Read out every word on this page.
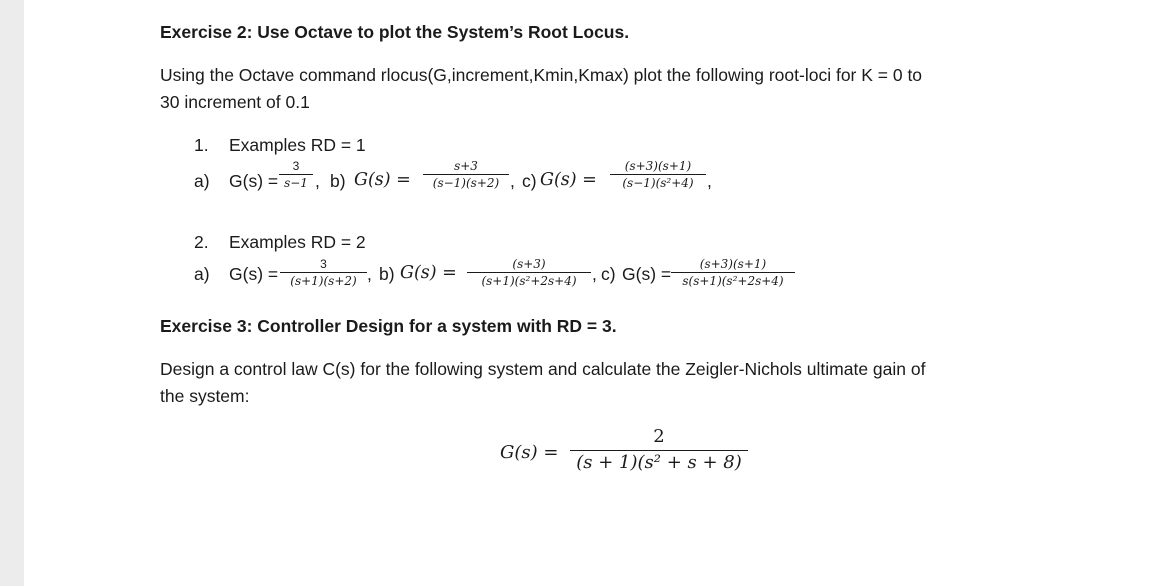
Exercise 2: Use Octave to plot the System’s Root Locus.
Using the Octave command rlocus(G,increment,Kmin,Kmax) plot the following root-loci for K = 0 to
30 increment of 0.1
1. Examples RD = 1
a) $G(s) = \frac{3}{s-1}$ , b) $G(s) = \frac{s+3}{(s-1)(s+2)}$ , c) $G(s) = \frac{(s+3)(s+1)}{\text{(s−1)(s²+4)}}$ ,
2. Examples RD = 2
a) $G(s) = \frac{3}{(s+1)(s+2)}$ , b) $G(s) = \frac{(s+3)}{\text{(s+1)(s²+2s+4)}}$ , c) $G(s) = \frac{(s+3)(s+1)}{\text{s(s+1)(s²+2s+4)}}$
Exercise 3: Controller Design for a system with RD = 3.
Design a control law C(s) for the following system and calculate the Zeigler-Nichols ultimate gain of
the system:
$G(s) = \frac{2}{\text{(s + 1)(s² + s + 8)}}$
